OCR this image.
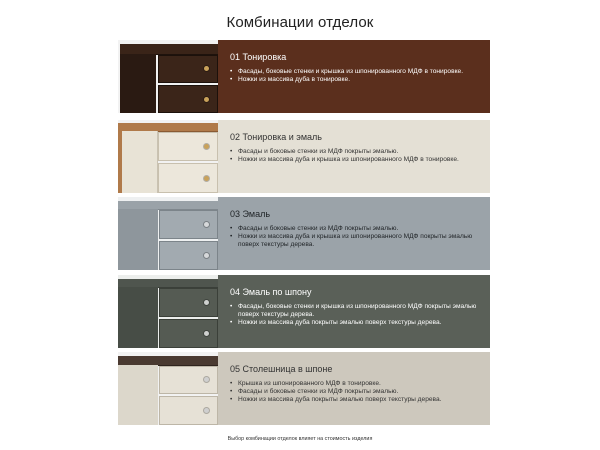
Комбинации отделок
01 Тонировка
• Фасады, боковые стенки и крышка из шпонированного МДФ в тонировке.
• Ножки из массива дуба в тонировке.
02 Тонировка и эмаль
• Фасады и боковые стенки из МДФ покрыты эмалью.
• Ножки из массива дуба и крышка из шпонированного МДФ в тонировке.
03 Эмаль
• Фасады и боковые стенки из МДФ покрыты эмалью.
• Ножки из массива дуба и крышка из шпонированного МДФ покрыты эмалью поверх текстуры дерева.
04 Эмаль по шпону
• Фасады, боковые стенки и крышка из шпонированного МДФ покрыты эмалью поверх текстуры дерева.
• Ножки из массива дуба покрыты эмалью поверх текстуры дерева.
05 Столешница в шпоне
• Крышка из шпонированного МДФ в тонировке.
• Фасады и боковые стенки из МДФ покрыты эмалью.
• Ножки из массива дуба покрыты эмалью поверх текстуры дерева.
Выбор комбинации отделок влияет на стоимость изделия
